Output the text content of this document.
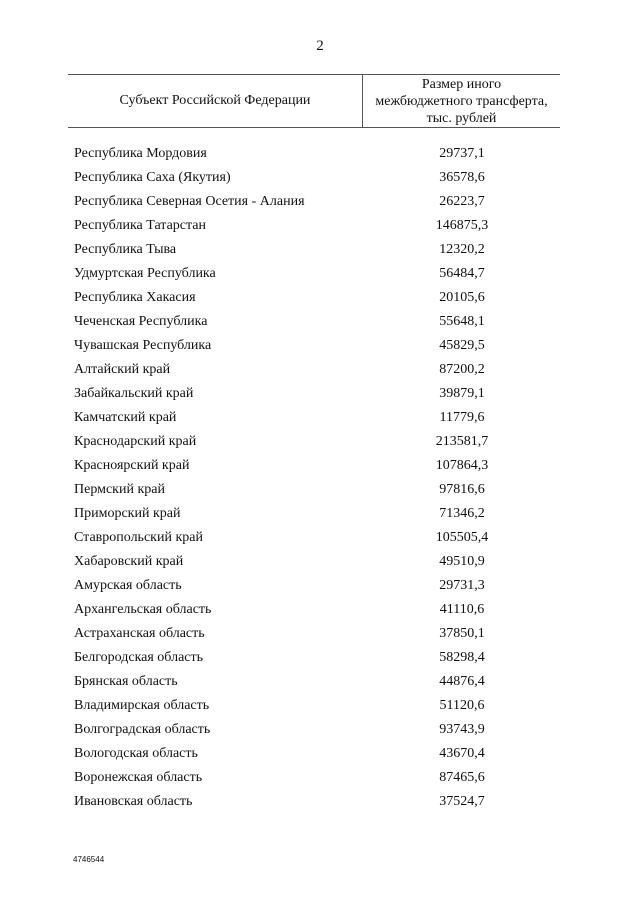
2
Субъект Российской Федерации
Размер иного
межбюджетного трансферта,
тыс. рублей
Республика Мордовия	29737,1
Республика Саха (Якутия)	36578,6
Республика Северная Осетия - Алания	26223,7
Республика Татарстан	146875,3
Республика Тыва	12320,2
Удмуртская Республика	56484,7
Республика Хакасия	20105,6
Чеченская Республика	55648,1
Чувашская Республика	45829,5
Алтайский край	87200,2
Забайкальский край	39879,1
Камчатский край	11779,6
Краснодарский край	213581,7
Красноярский край	107864,3
Пермский край	97816,6
Приморский край	71346,2
Ставропольский край	105505,4
Хабаровский край	49510,9
Амурская область	29731,3
Архангельская область	41110,6
Астраханская область	37850,1
Белгородская область	58298,4
Брянская область	44876,4
Владимирская область	51120,6
Волгоградская область	93743,9
Вологодская область	43670,4
Воронежская область	87465,6
Ивановская область	37524,7
4746544
